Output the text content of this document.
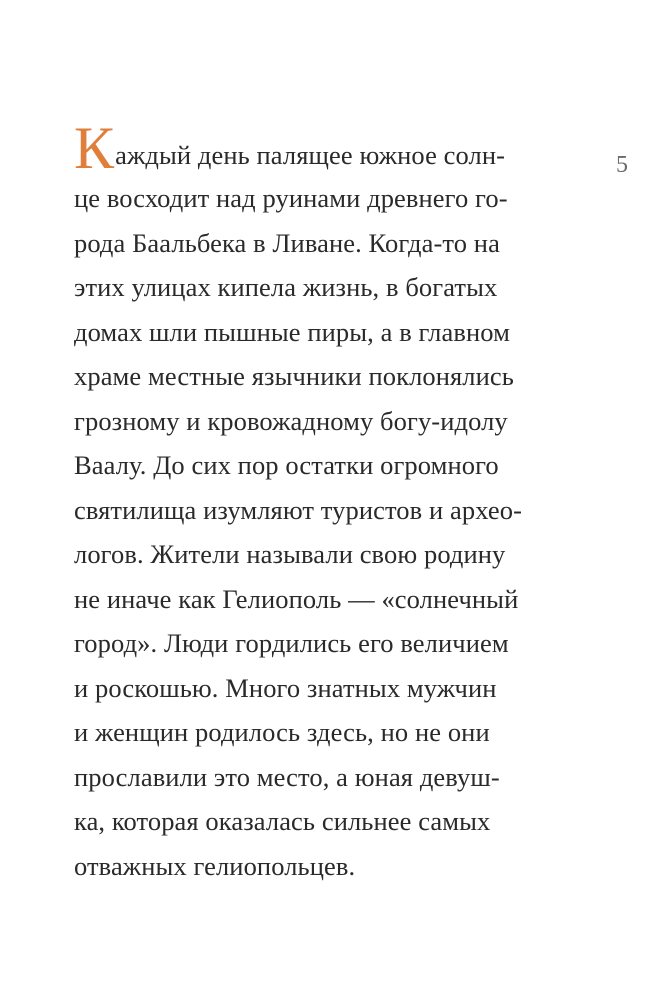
5
Каждый день палящее южное солн-
це восходит над руинами древнего го-
рода Баальбека в Ливане. Когда-то на
этих улицах кипела жизнь, в богатых
домах шли пышные пиры, а в главном
храме местные язычники поклонялись
грозному и кровожадному богу-идолу
Ваалу. До сих пор остатки огромного
святилища изумляют туристов и архео-
логов. Жители называли свою родину
не иначе как Гелиополь — «солнечный
город». Люди гордились его величием
и роскошью. Много знатных мужчин
и женщин родилось здесь, но не они
прославили это место, а юная девуш-
ка, которая оказалась сильнее самых
отважных гелиопольцев.
